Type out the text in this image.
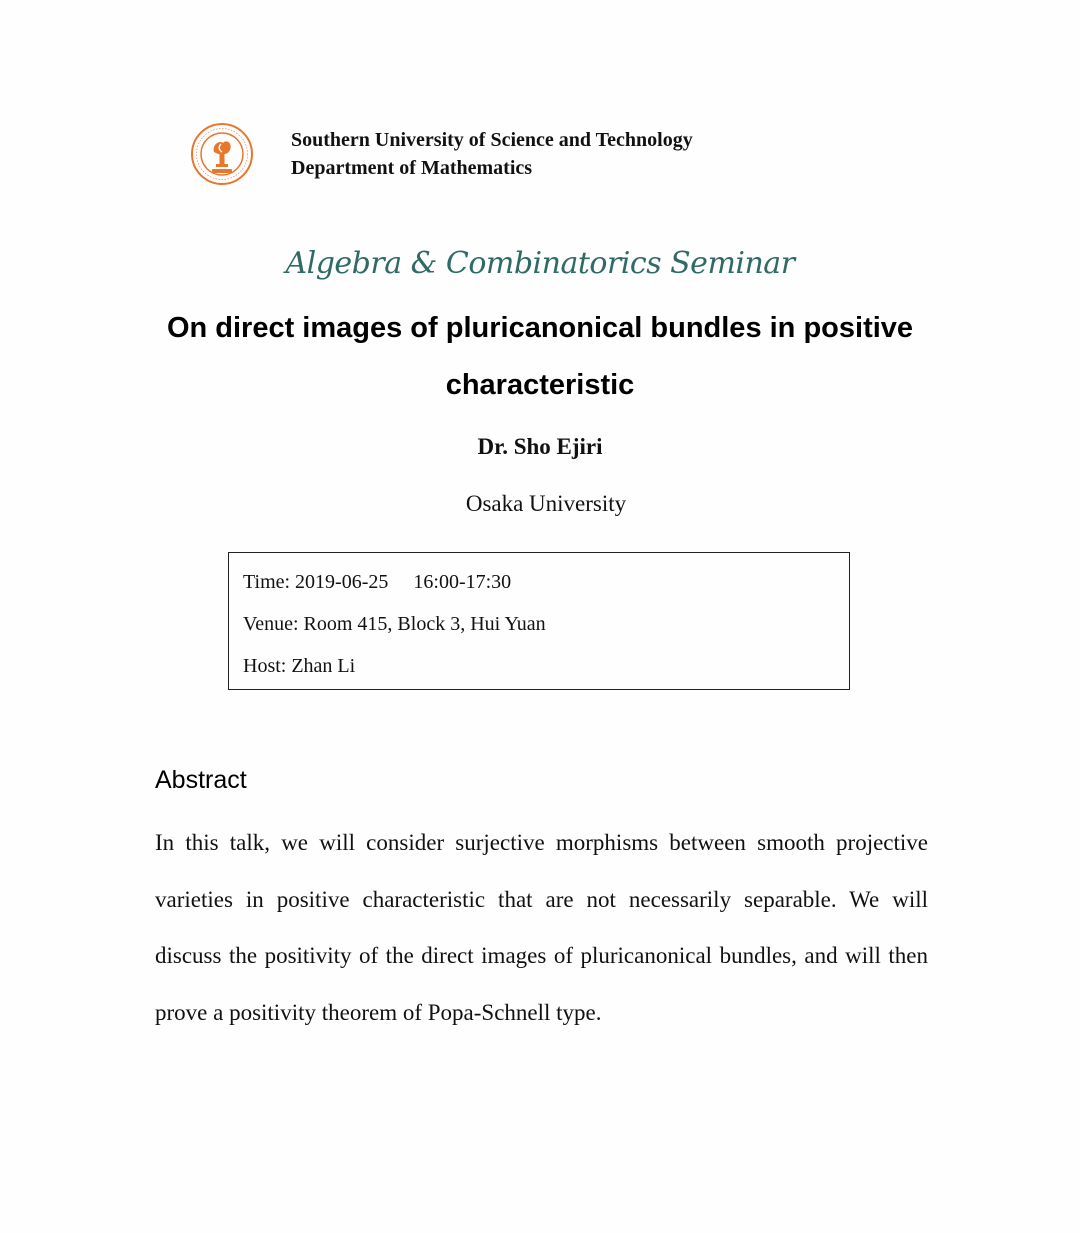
Southern University of Science and Technology
Department of Mathematics
Algebra & Combinatorics Seminar
On direct images of pluricanonical bundles in positive characteristic
Dr. Sho Ejiri
Osaka University
Time: 2019-06-25     16:00-17:30
Venue: Room 415, Block 3, Hui Yuan
Host: Zhan Li
Abstract
In this talk, we will consider surjective morphisms between smooth projective varieties in positive characteristic that are not necessarily separable. We will discuss the positivity of the direct images of pluricanonical bundles, and will then prove a positivity theorem of Popa-Schnell type.
